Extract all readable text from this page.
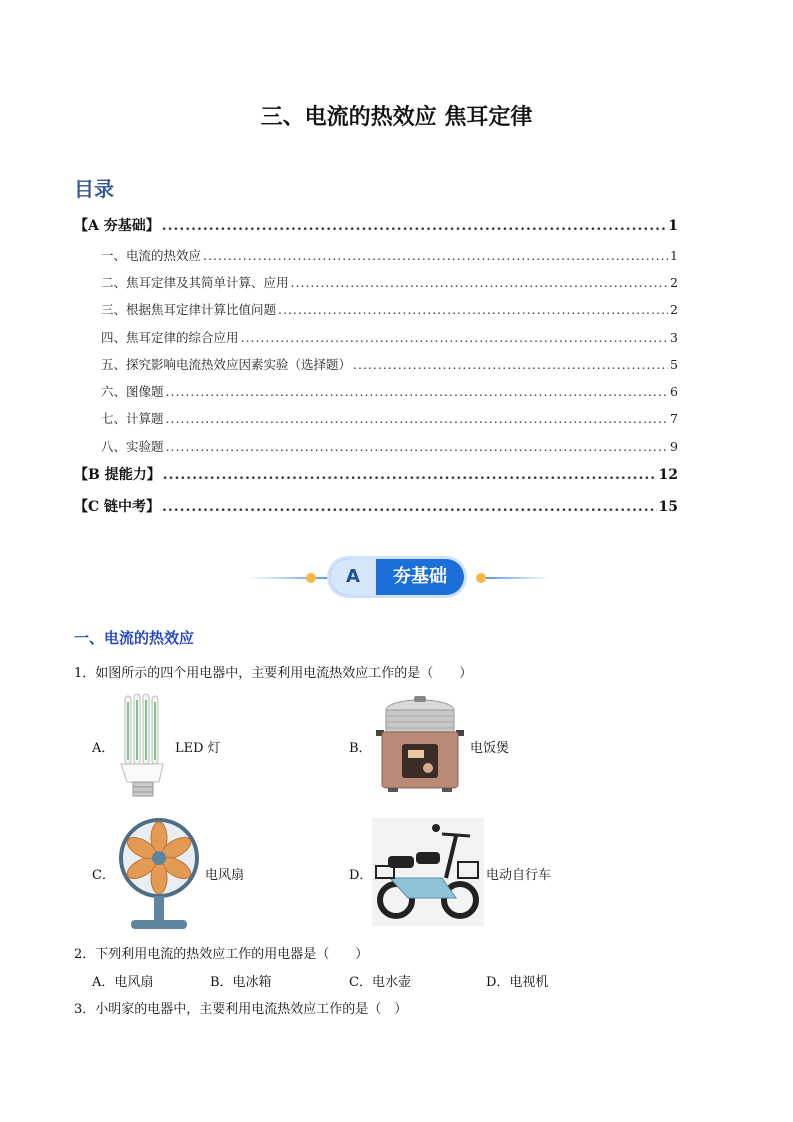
三、电流的热效应 焦耳定律
目录
【A 夯基础】 .....	1
一、电流的热效应 .....	1
二、焦耳定律及其简单计算、应用 .....	2
三、根据焦耳定律计算比值问题 .....	2
四、焦耳定律的综合应用 .....	3
五、探究影响电流热效应因素实验（选择题） .....	5
六、图像题 .....	6
七、计算题 .....	7
八、实验题 .....	9
【B 提能力】 .....	12
【C 链中考】 .....	15
A	夯基础
一、电流的热效应
1．如图所示的四个用电器中，主要利用电流热效应工作的是（　　）
A．	LED 灯	B．	电饭煲
C．	电风扇	D．	电动自行车
2．下列利用电流的热效应工作的用电器是（　　）
A．电风扇	B．电冰箱	C．电水壶	D．电视机
3．小明家的电器中，主要利用电流热效应工作的是（　）
